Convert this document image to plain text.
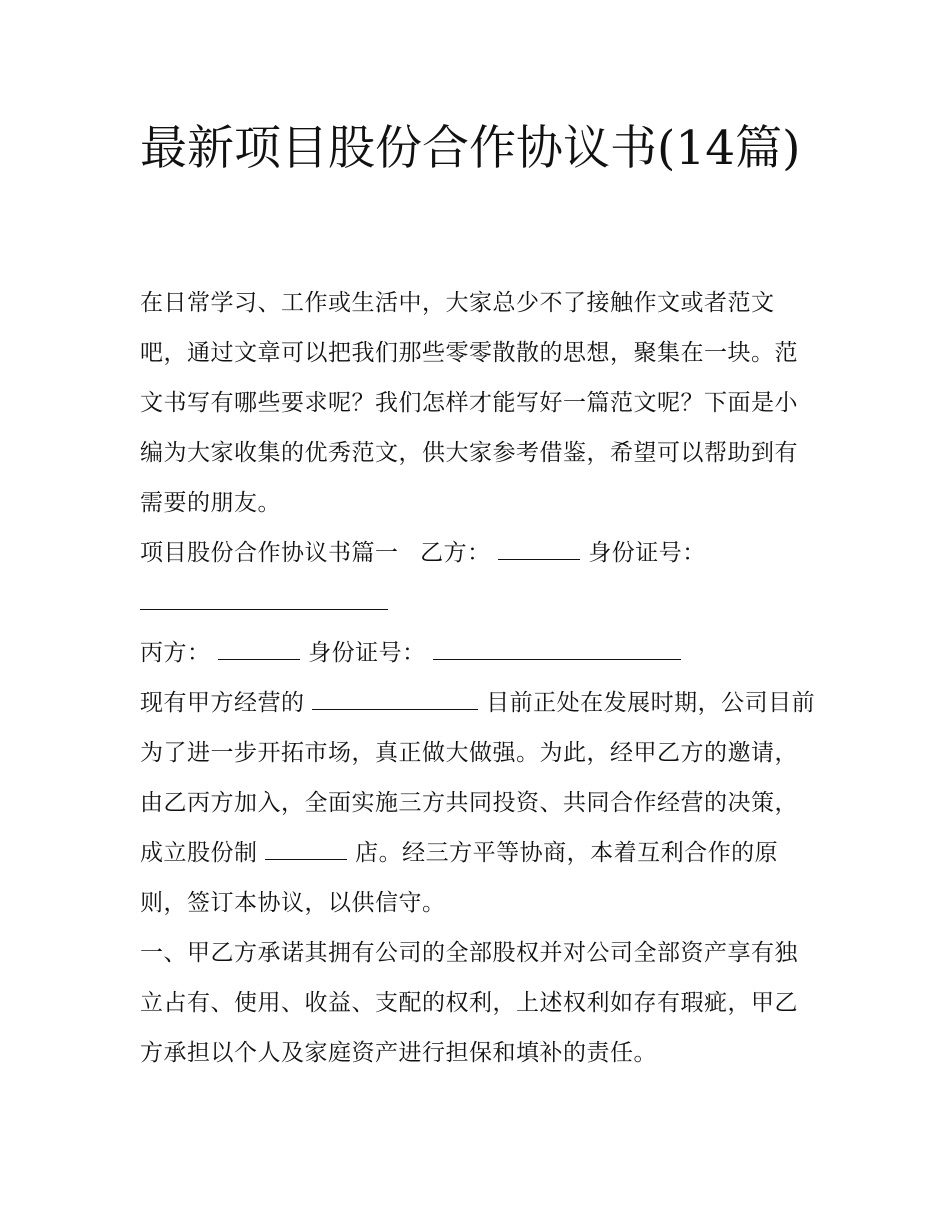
最新项目股份合作协议书(14篇)

在日常学习、工作或生活中，大家总少不了接触作文或者范文吧，通过文章可以把我们那些零零散散的思想，聚集在一块。范文书写有哪些要求呢？我们怎样才能写好一篇范文呢？下面是小编为大家收集的优秀范文，供大家参考借鉴，希望可以帮助到有需要的朋友。

项目股份合作协议书篇一 乙方：	身份证号：

丙方：	身份证号：

现有甲方经营的	目前正处在发展时期，公司目前为了进一步开拓市场，真正做大做强。为此，经甲乙方的邀请，由乙丙方加入，全面实施三方共同投资、共同合作经营的决策，成立股份制	店。经三方平等协商，本着互利合作的原则，签订本协议，以供信守。

一、甲乙方承诺其拥有公司的全部股权并对公司全部资产享有独立占有、使用、收益、支配的权利，上述权利如存有瑕疵，甲乙方承担以个人及家庭资产进行担保和填补的责任。
